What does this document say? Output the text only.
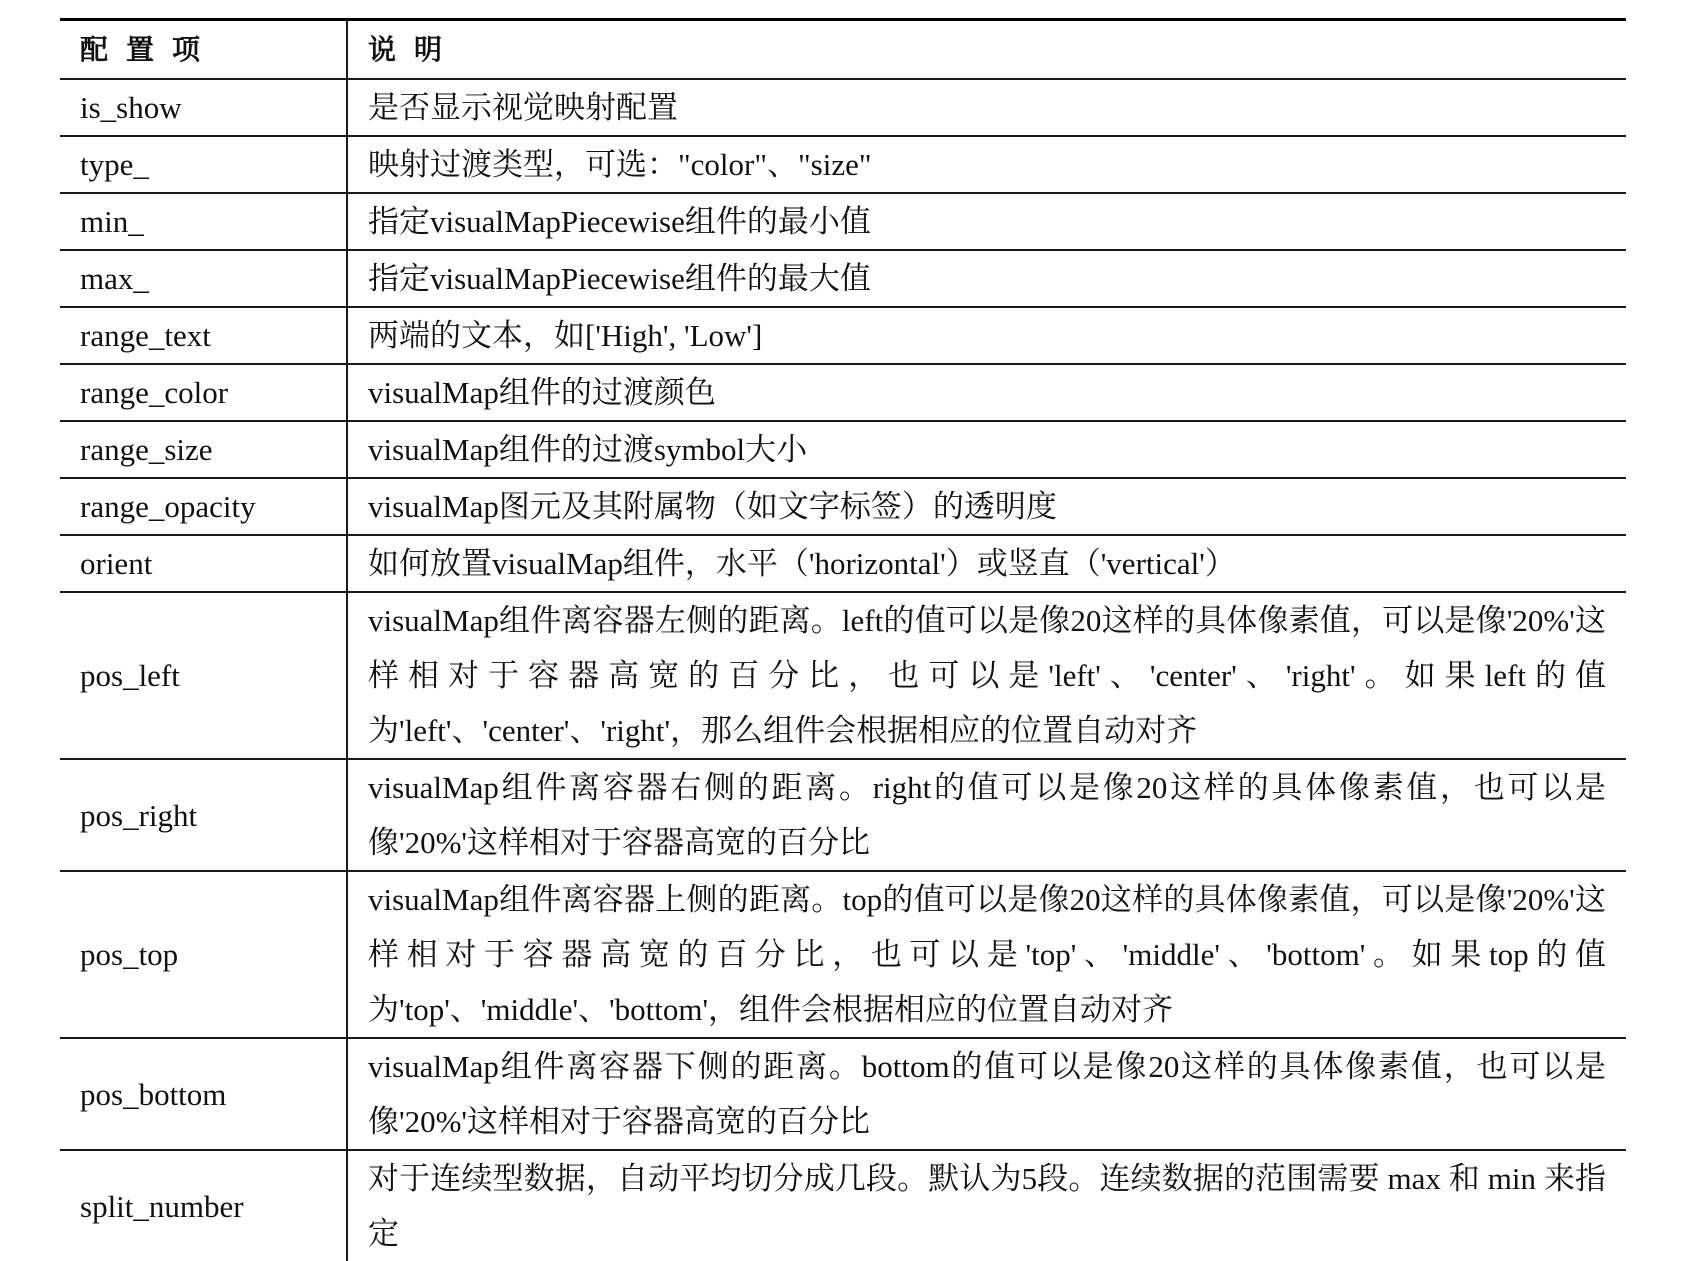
配置项	说明
is_show	是否显示视觉映射配置
type_	映射过渡类型，可选："color"、"size"
min_	指定visualMapPiecewise组件的最小值
max_	指定visualMapPiecewise组件的最大值
range_text	两端的文本，如['High', 'Low']
range_color	visualMap组件的过渡颜色
range_size	visualMap组件的过渡symbol大小
range_opacity	visualMap图元及其附属物（如文字标签）的透明度
orient	如何放置visualMap组件，水平（'horizontal'）或竖直（'vertical'）
pos_left	visualMap组件离容器左侧的距离。left的值可以是像20这样的具体像素值，可以是像'20%'这样相对于容器高宽的百分比，也可以是'left'、'center'、'right'。如果left的值为'left'、'center'、'right'，那么组件会根据相应的位置自动对齐
pos_right	visualMap组件离容器右侧的距离。right的值可以是像20这样的具体像素值，也可以是像'20%'这样相对于容器高宽的百分比
pos_top	visualMap组件离容器上侧的距离。top的值可以是像20这样的具体像素值，可以是像'20%'这样相对于容器高宽的百分比，也可以是'top'、'middle'、'bottom'。如果top的值为'top'、'middle'、'bottom'，组件会根据相应的位置自动对齐
pos_bottom	visualMap组件离容器下侧的距离。bottom的值可以是像20这样的具体像素值，也可以是像'20%'这样相对于容器高宽的百分比
split_number	对于连续型数据，自动平均切分成几段。默认为5段。连续数据的范围需要 max 和 min 来指定
